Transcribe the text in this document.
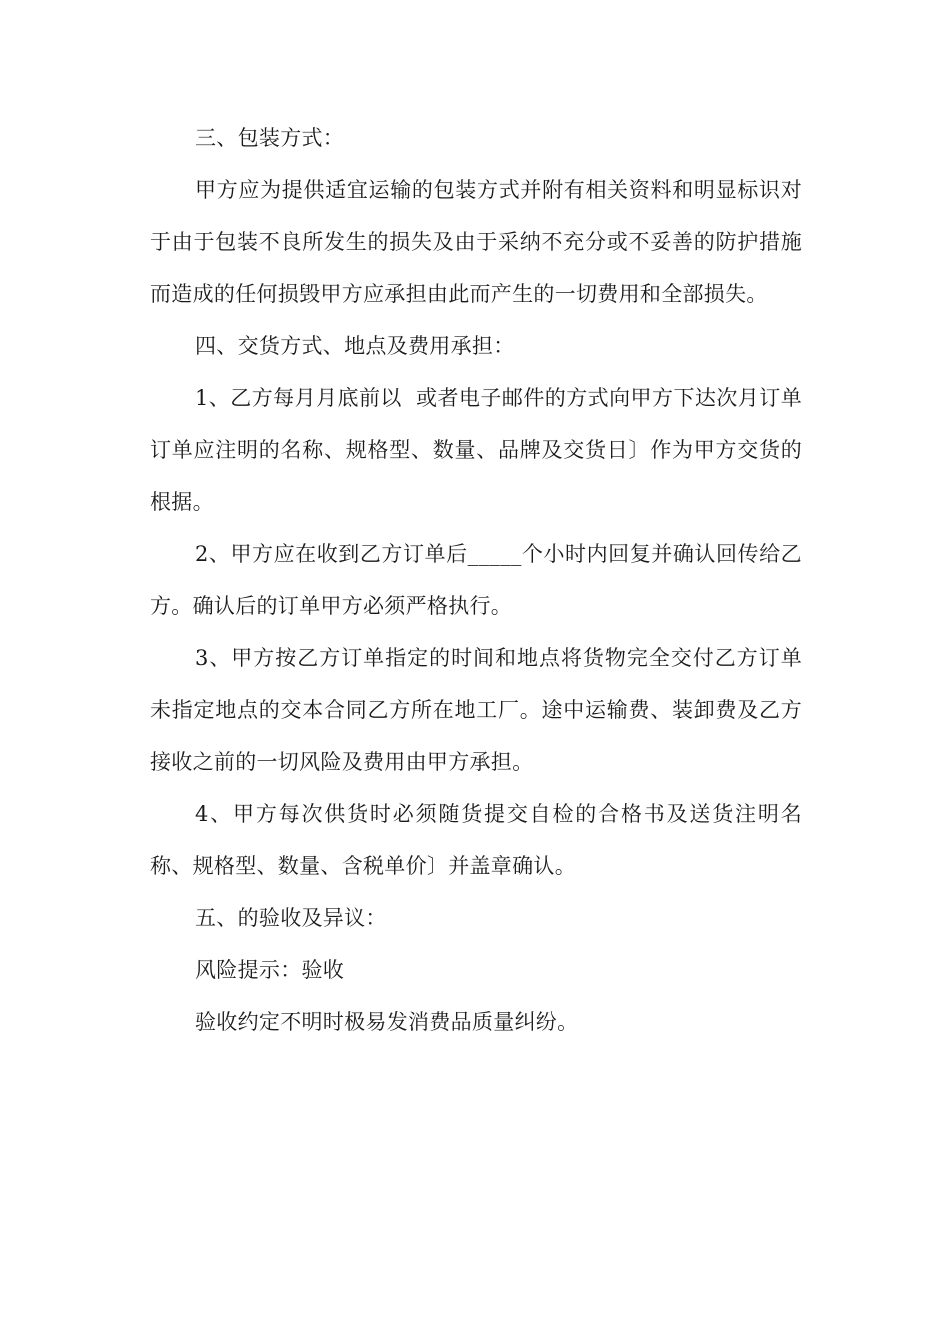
三、包装方式：

甲方应为提供适宜运输的包装方式并附有相关资料和明显标识对于由于包装不良所发生的损失及由于采纳不充分或不妥善的防护措施而造成的任何损毁甲方应承担由此而产生的一切费用和全部损失。

四、交货方式、地点及费用承担：

1、乙方每月月底前以  或者电子邮件的方式向甲方下达次月订单订单应注明的名称、规格型、数量、品牌及交货日〕作为甲方交货的根据。

2、甲方应在收到乙方订单后_____个小时内回复并确认回传给乙方。确认后的订单甲方必须严格执行。

3、甲方按乙方订单指定的时间和地点将货物完全交付乙方订单未指定地点的交本合同乙方所在地工厂。途中运输费、装卸费及乙方接收之前的一切风险及费用由甲方承担。

4、甲方每次供货时必须随货提交自检的合格书及送货注明名称、规格型、数量、含税单价〕并盖章确认。

五、的验收及异议：

风险提示：验收

验收约定不明时极易发消费品质量纠纷。
